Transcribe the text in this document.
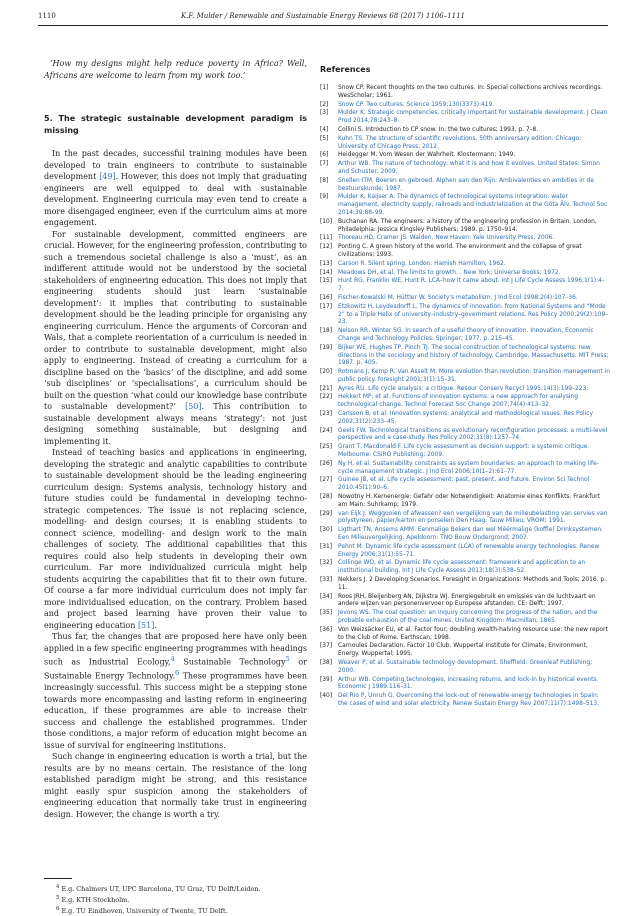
1110	K.F. Mulder / Renewable and Sustainable Energy Reviews 68 (2017) 1106–1111

‘How my designs might help reduce poverty in Africa? Well, Africans are welcome to learn from my work too.’

5. The strategic sustainable development paradigm is missing

In the past decades, successful training modules have been developed to train engineers to contribute to sustainable development [49]. However, this does not imply that graduating engineers are well equipped to deal with sustainable development. Engineering curricula may even tend to create a more disengaged engineer, even if the curriculum aims at more engagement.

For sustainable development, committed engineers are crucial. However, for the engineering profession, contributing to such a tremendous societal challenge is also a ‘must’, as an indifferent attitude would not be understood by the societal stakeholders of engineering education. This does not imply that engineering students should just learn ‘sustainable development’: it implies that contributing to sustainable development should be the leading principle for organising any engineering curriculum. Hence the arguments of Corcoran and Wals, that a complete reorientation of a curriculum is needed in order to contribute to sustainable development, might also apply to engineering. Instead of creating a curriculum for a discipline based on the ‘basics’ of the discipline, and add some ‘sub disciplines’ or ‘specialisations’, a curriculum should be built on the question ‘what could our knowledge base contribute to sustainable development?’ [50]. This contribution to sustainable development always means ‘strategy’: not just designing something sustainable, but designing and implementing it.

Instead of teaching basics and applications in engineering, developing the strategic and analytic capabilities to contribute to sustainable development should be the leading engineering curriculum design: Systems analysis, technology history and future studies could be fundamental in developing techno-strategic competences. The issue is not replacing science, modelling- and design courses; it is enabling students to connect science, modelling- and design work to the main challenges of society. The additional capabilities that this requires could also help students in developing their own curriculum. Far more individualized curricula might help students acquiring the capabilities that fit to their own future. Of course a far more individual curriculum does not imply far more individualised education, on the contrary. Problem based and project based learning have proven their value to engineering education [51].

Thus far, the changes that are proposed here have only been applied in a few specific engineering programmes with headings such as Industrial Ecology,$^4$ Sustainable Technology$^5$ or Sustainable Energy Technology.$^6$ These programmes have been increasingly successful. This success might be a stepping stone towards more encompassing and lasting reform in engineering education, if these programmes are able to increase their success and challenge the established programmes. Under those conditions, a major reform of education might become an issue of survival for engineering institutions.

Such change in engineering education is worth a trial, but the results are by no means certain. The resistance of the long established paradigm might be strong, and this resistance might easily spur suspicion among the stakeholders of engineering education that normally take trust in engineering design. However, the change is worth a try.

$^4$ E.g. Chalmers UT, UPC Barcelona, TU Graz, TU Delft/Leiden.

$^5$ E.g. KTH Stockholm.

$^6$ E.g. TU Eindhoven, University of Twente, TU Delft.

References
[1] Snow CP. Recent thoughts on the two cultures. In: Special collections archives recordings. WesScholar; 1961.
[2] Snow CP. Two cultures. Science 1959;130(3373):419.
[3] Mulder K. Strategic competencies, critically important for sustainable development. J Clean Prod 2014;78:243–8.
[4] Collini S. Introduction to CP snow. In: the two cultures; 1993. p. 7–8.
[5] Kuhn TS. The structure of scientific revolutions. 50th anniversary edition. Chicago: University of Chicago Press; 2012.
[6] Heidegger M. Vom Wesen der Wahrheit. Klostermann; 1949.
[7] Arthur WB. The nature of technology: what it is and how it evolves. United States: Simon and Schuster; 2009.
[8] Snellen ITM. Boeren en gebroed. Alphen aan den Rijn: Ambivalenties en ambities in de bestuurskunde; 1987.
[9] Mulder K, Kaijser A. The dynamics of technological systems integration: water management, electricity supply, railroads and industrialization at the Göta Älv. Technol Soc 2014;39:88–99.
[10] Buchanan RA. The engineers: a history of the engineering profession in Britain. London, Philadelphia: Jessica Kingsley Publishers; 1989. p. 1750–914.
[11] Thoreau HD, Cramer JS. Walden. New Haven: Yale University Press; 2006.
[12] Ponting C. A green history of the world. The environment and the collapse of great civilizations; 1993.
[13] Carson R. Silent spring. London: Hamish Hamilton; 1962.
[14] Meadows DH, et al. The limits to growth. . New York: Universe Books; 1972.
[15] Hunt RG, Franklin WE, Hunt R. LCA–how it came about. Int J Life Cycle Assess 1996;1(1):4–7.
[16] Fischer-Kowalski M, Hüttler W. Society's metabolism. J Ind Ecol 1998;2(4):107–36.
[17] Etzkowitz H, Leydesdorff L. The dynamics of innovation: from National Systems and “Mode 2” to a Triple Helix of university–industry–government relations. Res Policy 2000;29(2):109–23.
[18] Nelson RR, Winter SG. In search of a useful theory of innovation. Innovation, Economic Change and Technology Policies. Springer; 1977. p. 215–45.
[19] Bijker WE, Hughes TP, Pinch TJ. The social construction of technological systems: new directions in the sociology and history of technology. Cambridge, Massachusetts: MIT Press; 1987. p. 405.
[20] Rotmans J, Kemp R, Van Asselt M. More evolution than revolution: transition management in public policy. foresight 2001;3(1):15–31.
[21] Ayres RU. Life cycle analysis: a critique. Resour Conserv Recycl 1995;14(3):199–223.
[22] Hekkert MP, et al. Functions of innovation systems: a new approach for analysing technological change. Technol Forecast Soc Change 2007;74(4):413–32.
[23] Carlsson B, et al. Innovation systems: analytical and methodological issues. Res Policy 2002;31(2):233–45.
[24] Geels FW. Technological transitions as evolutionary reconfiguration processes: a multi-level perspective and a case-study. Res Policy 2002;31(8):1257–74.
[25] Grant T, Macdonald F. Life cycle assessment as decision support: a systemic critique. Melbourne: CSIRO Publishing; 2009.
[26] Ny H, et al. Sustainability constraints as system boundaries: an approach to making life-cycle management strategic. J Ind Ecol 2006;10(1–2):61–77.
[27] Guinee JB, et al. Life cycle assessment: past, present, and future. Environ Sci Technol 2010;45(1):90–6.
[28] Nowotny H. Kernenergie: Gefahr oder Notwendigkeit: Anatomie eines Konflikts. Frankfurt am Main: Suhrkamp; 1979.
[29] van Eijk J. Weggooien of afwassen? een vergelijking van de milieubelasting van servies van polystyreen, papier/karton en porselein Den Haag: Tauw Milieu, VROM; 1991.
[30] Ligthart TN, Ansems AMM. Eenmalige Bekers dan wel Méérmalige (koffie) Drinksystemen: Een Milieuvergelijking. Apeldoorn: TNO Bouw Ondergrond; 2007.
[31] Pehnt M. Dynamic life cycle assessment (LCA) of renewable energy technologies. Renew Energy 2006;31(1):55–71.
[32] Collinge WO, et al. Dynamic life cycle assessment: framework and application to an institutional building. Int J Life Cycle Assess 2013;18(3):538–52.
[33] Nekkers J. 2 Developing Scenarios. Foresight in Organizations: Methods and Tools; 2016. p. 11.
[34] Roos JRH, Bleijenberg AN, Dijkstra WJ. Energiegebruik en emissies van de luchtvaart en andere wijzen van personenvervoer op Europese afstanden. CE: Delft; 1997.
[35] Jevons WS. The coal question: an inquiry concerning the progress of the nation, and the probable exhaustion of the coal-mines. United Kingdom: Macmillan; 1865.
[36] Von Weizsäcker EU, et al. Factor four; doubling wealth-halving resource use: the new report to the Club of Rome. Earthscan; 1998.
[37] Carnoules Declaration, Factor 10 Club. Wuppertal Institute for Climate, Environment, Energy. Wuppertal; 1995.
[38] Weaver P, et al. Sustainable technology development. Sheffield: Greenleaf Publishing; 2000.
[39] Arthur WB. Competing technologies, increasing returns, and lock-in by historical events. Economic J 1989:116–31.
[40] Del Río P, Unruh G. Overcoming the lock-out of renewable energy technologies in Spain: the cases of wind and solar electricity. Renew Sustain Energy Rev 2007;11(7):1498–513.
